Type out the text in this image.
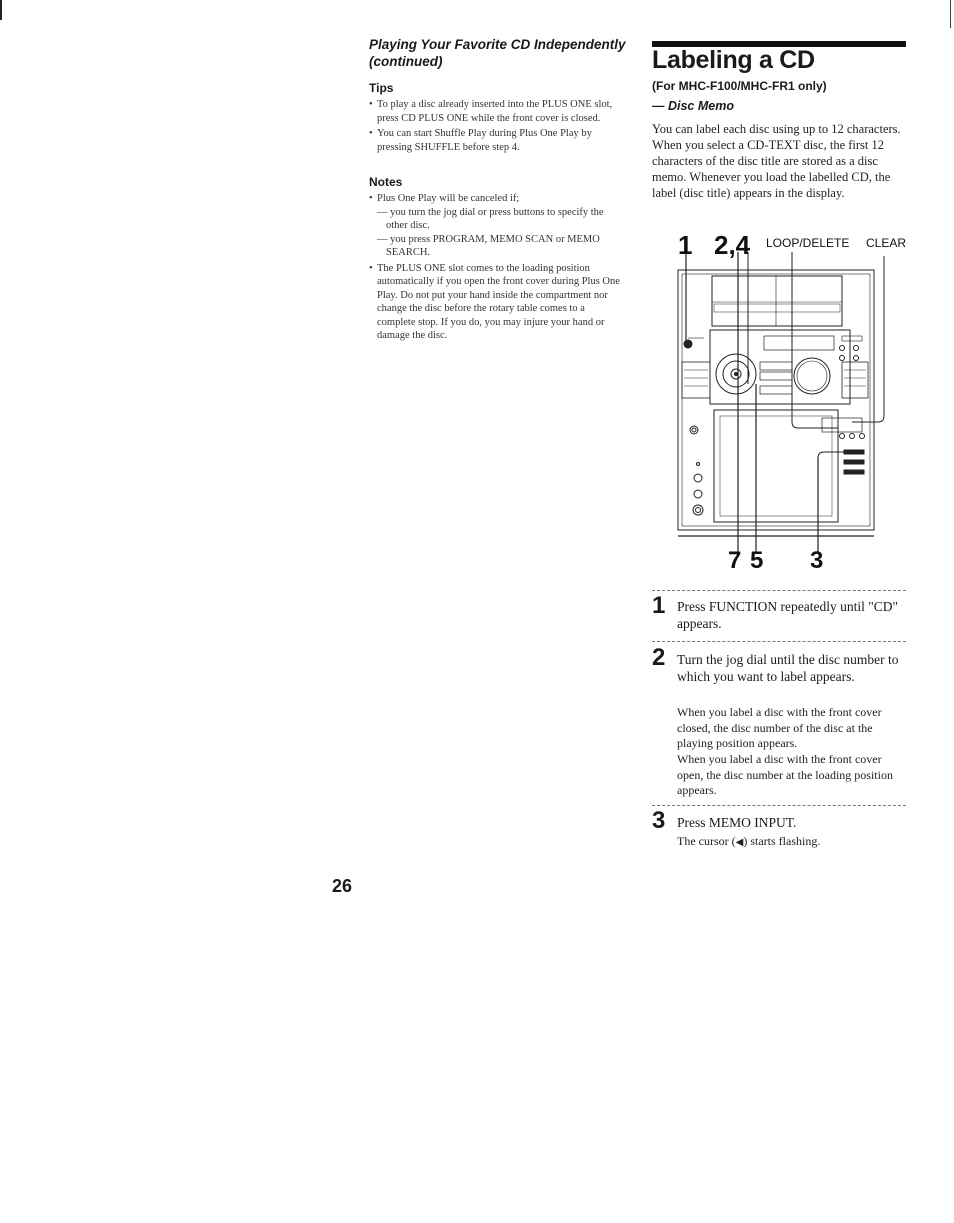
Playing Your Favorite CD Independently (continued)
Tips
• To play a disc already inserted into the PLUS ONE slot, press CD PLUS ONE while the front cover is closed.
• You can start Shuffle Play during Plus One Play by pressing SHUFFLE before step 4.
Notes
• Plus One Play will be canceled if;
— you turn the jog dial or press buttons to specify the other disc.
— you press PROGRAM, MEMO SCAN or MEMO SEARCH.
• The PLUS ONE slot comes to the loading position automatically if you open the front cover during Plus One Play. Do not put your hand inside the compartment nor change the disc before the rotary table comes to a complete stop. If you do, you may injure your hand or damage the disc.
Labeling a CD
(For MHC-F100/MHC-FR1 only)
— Disc Memo
You can label each disc using up to 12 characters. When you select a CD-TEXT disc, the first 12 characters of the disc title are stored as a disc memo. Whenever you load the labelled CD, the label (disc title) appears in the display.
1 2,4 LOOP/DELETE CLEAR
7 5 3
1 Press FUNCTION repeatedly until "CD" appears.
2 Turn the jog dial until the disc number to which you want to label appears.
When you label a disc with the front cover closed, the disc number of the disc at the playing position appears.
When you label a disc with the front cover open, the disc number at the loading position appears.
3 Press MEMO INPUT.
The cursor (◀) starts flashing.
26
